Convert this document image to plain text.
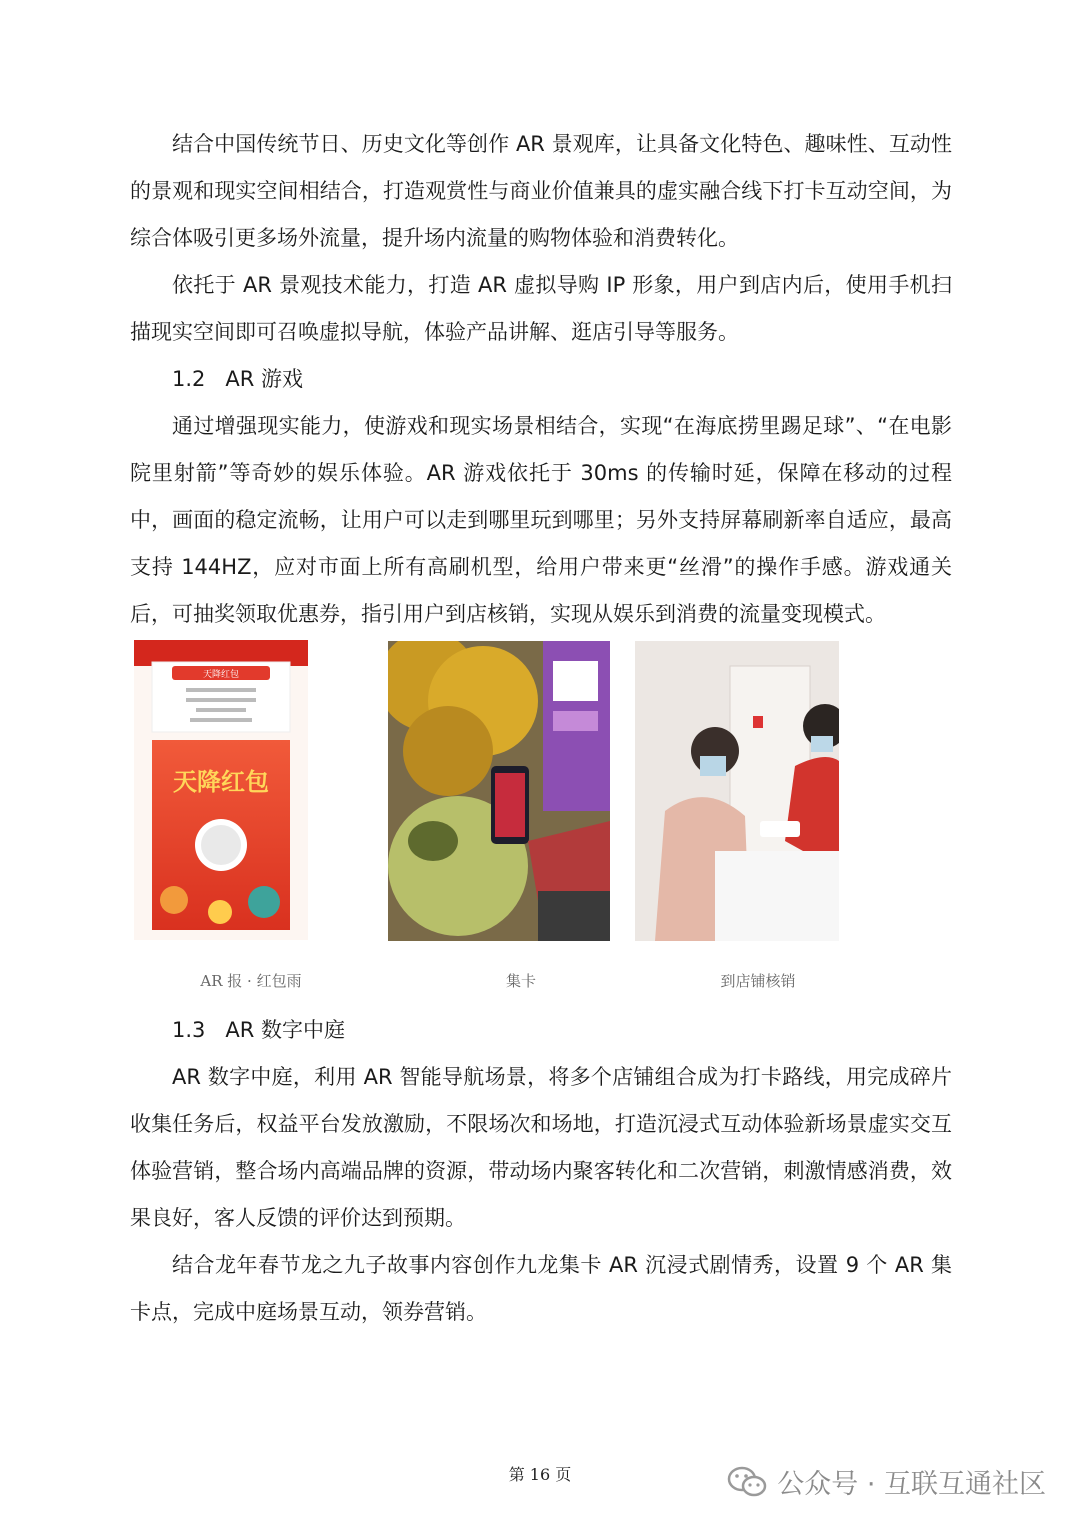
结合中国传统节日、历史文化等创作 AR 景观库，让具备文化特色、趣味性、互动性的景观和现实空间相结合，打造观赏性与商业价值兼具的虚实融合线下打卡互动空间，为综合体吸引更多场外流量，提升场内流量的购物体验和消费转化。

依托于 AR 景观技术能力，打造 AR 虚拟导购 IP 形象，用户到店内后，使用手机扫描现实空间即可召唤虚拟导航，体验产品讲解、逛店引导等服务。

1.2 AR 游戏

通过增强现实能力，使游戏和现实场景相结合，实现“在海底捞里踢足球”、“在电影院里射箭”等奇妙的娱乐体验。AR 游戏依托于 30ms 的传输时延，保障在移动的过程中，画面的稳定流畅，让用户可以走到哪里玩到哪里；另外支持屏幕刷新率自适应，最高支持 144HZ，应对市面上所有高刷机型，给用户带来更“丝滑”的操作手感。游戏通关后，可抽奖领取优惠券，指引用户到店核销，实现从娱乐到消费的流量变现模式。

天降红包
天降红包
AR 报 · 红包雨	集卡	到店铺核销
1.3 AR 数字中庭

AR 数字中庭，利用 AR 智能导航场景，将多个店铺组合成为打卡路线，用完成碎片收集任务后，权益平台发放激励，不限场次和场地，打造沉浸式互动体验新场景虚实交互体验营销，整合场内高端品牌的资源，带动场内聚客转化和二次营销，刺激情感消费，效果良好，客人反馈的评价达到预期。

结合龙年春节龙之九子故事内容创作九龙集卡 AR 沉浸式剧情秀，设置 9 个 AR 集卡点，完成中庭场景互动，领券营销。

第 16 页	公众号 · 互联互通社区
